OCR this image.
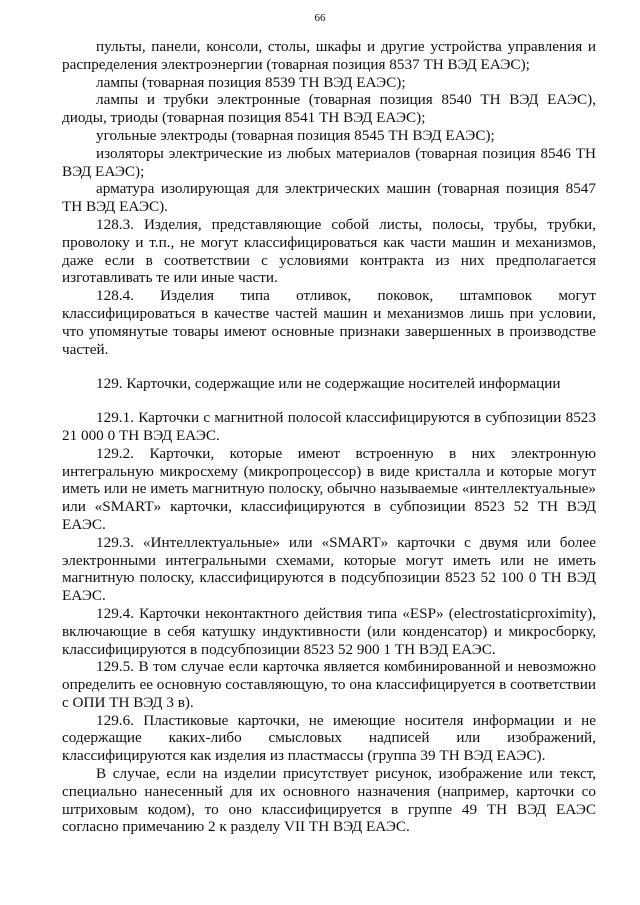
66

пульты, панели, консоли, столы, шкафы и другие устройства управления и распределения электроэнергии (товарная позиция 8537 ТН ВЭД ЕАЭС);

лампы (товарная позиция 8539 ТН ВЭД ЕАЭС);

лампы и трубки электронные (товарная позиция 8540 ТН ВЭД ЕАЭС), диоды, триоды (товарная позиция 8541 ТН ВЭД ЕАЭС);

угольные электроды (товарная позиция 8545 ТН ВЭД ЕАЭС);

изоляторы электрические из любых материалов (товарная позиция 8546 ТН ВЭД ЕАЭС);

арматура изолирующая для электрических машин (товарная позиция 8547 ТН ВЭД ЕАЭС).

128.3. Изделия, представляющие собой листы, полосы, трубы, трубки, проволоку и т.п., не могут классифицироваться как части машин и механизмов, даже если в соответствии с условиями контракта из них предполагается изготавливать те или иные части.

128.4. Изделия типа отливок, поковок, штамповок могут классифицироваться в качестве частей машин и механизмов лишь при условии, что упомянутые товары имеют основные признаки завершенных в производстве частей.

129. Карточки, содержащие или не содержащие носителей информации

129.1. Карточки с магнитной полосой классифицируются в субпозиции 8523 21 000 0 ТН ВЭД ЕАЭС.

129.2. Карточки, которые имеют встроенную в них электронную интегральную микросхему (микропроцессор) в виде кристалла и которые могут иметь или не иметь магнитную полоску, обычно называемые «интеллектуальные» или «SMART» карточки, классифицируются в субпозиции 8523 52 ТН ВЭД ЕАЭС.

129.3. «Интеллектуальные» или «SMART» карточки с двумя или более электронными интегральными схемами, которые могут иметь или не иметь магнитную полоску, классифицируются в подсубпозиции 8523 52 100 0 ТН ВЭД ЕАЭС.

129.4. Карточки неконтактного действия типа «ESP» (electrostaticproximity), включающие в себя катушку индуктивности (или конденсатор) и микросборку, классифицируются в подсубпозиции 8523 52 900 1 ТН ВЭД ЕАЭС.

129.5. В том случае если карточка является комбинированной и невозможно определить ее основную составляющую, то она классифицируется в соответствии с ОПИ ТН ВЭД 3 в).

129.6. Пластиковые карточки, не имеющие носителя информации и не содержащие каких-либо смысловых надписей или изображений, классифицируются как изделия из пластмассы (группа 39 ТН ВЭД ЕАЭС).

В случае, если на изделии присутствует рисунок, изображение или текст, специально нанесенный для их основного назначения (например, карточки со штриховым кодом), то оно классифицируется в группе 49 ТН ВЭД ЕАЭС согласно примечанию 2 к разделу VII ТН ВЭД ЕАЭС.
